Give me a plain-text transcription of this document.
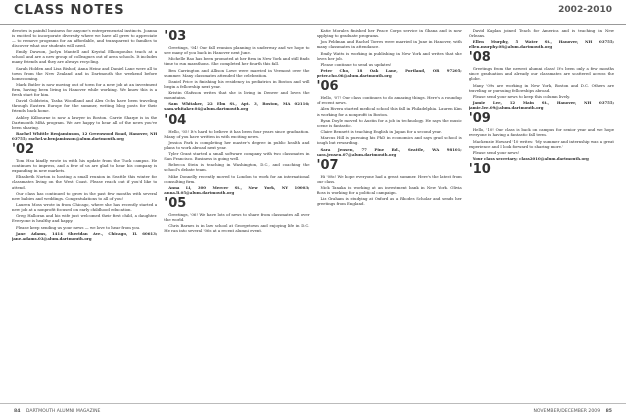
CLASS NOTES	2002-2010

devotes is painful business for anyone's entrepreneurial instincts. Joanna is excited to incorporate diversity where we have all grew to appreciate — to remove programs for an affordable, and transparent to families to discover what our students will need.

Emily Dawson, Jaclyn Mantell and Krystal Elkoupoulus teach at a school and are a new group of colleagues out of area schools. It includes many friends and they are always recycling.

Sarah Holden and Lisa Bishof, Anna Heinz and Daniel Lane were all to town from the New Zealand and in Dartmouth the weekend before homecoming.

Mark Butler is now moving out of town for a new job at an investment firm, having been living in Hanover while working. We know this is a fresh start for him.

David Goldstein, Tasha Woodland and Alex Ochs have been traveling through Eastern Europe for the summer, writing blog posts for their friends back home.

Ashley Kilbourne is now a lawyer in Boston. Carrie Sharpe is in the Dartmouth MBA program. We are happy to hear all of the news you've been sharing.

Rachel Whittle Benjaminson, 12 Greenwood Road, Hanover, NH 03755; rachel.w.benjaminson@alum.dartmouth.org

'02

Tom Hsu kindly wrote in with his update from the Tuck campus. He continues to impress, and a few of us are glad to hear his company is expanding in new markets.

Elizabeth Norton is hosting a small reunion in Seattle this winter for classmates living on the West Coast. Please reach out if you'd like to attend.

Our class has continued to grow in the past few months with several new babies and weddings. Congratulations to all of you!

Lauren Moss wrote in from Chicago, where she has recently started a new job at a nonprofit focused on early childhood education.

Greg Halloran and his wife just welcomed their first child, a daughter. Everyone is healthy and happy.

Please keep sending us your news — we love to hear from you.

Jane Adams, 1414 Sheridan Ave., Chicago, IL 60613; jane.adams.03@alum.dartmouth.org

'03

Greetings, '04! Our fall reunion planning is underway and we hope to see many of you back in Hanover next June.

Michelle Rao has been promoted at her firm in New York and still finds time to run marathons. She completed her fourth this fall.

Ben Carrington and Allison Lowe were married in Vermont over the summer. Many classmates attended the celebration.

Daniel Price is finishing his residency in pediatrics in Boston and will begin a fellowship next year.

Kristin Olafsson writes that she is living in Denver and loves the mountains.

Sam Whitaker, 22 Elm St., Apt. 3, Boston, MA 02116; sam.whitaker.04@alum.dartmouth.org

'04

Hello, '05! It's hard to believe it has been four years since graduation. Many of you have written in with exciting news.

Jessica Park is completing her master's degree in public health and plans to work abroad next year.

Tyler Grant started a small software company with two classmates in San Francisco. Business is going well.

Rebecca Stein is teaching in Washington, D.C., and coaching the school's debate team.

Mike Donnelly recently moved to London to work for an international consulting firm.

Anna Li, 300 Mercer St., New York, NY 10003; anna.li.05@alum.dartmouth.org

'05

Greetings, '06! We have lots of news to share from classmates all over the world.

Chris Barnes is in law school at Georgetown and enjoying life in D.C. He ran into several '06s at a recent alumni event.

Katie Morales finished her Peace Corps service in Ghana and is now applying to graduate programs.

Jon Feldman and Rachel Torres were married in June in Hanover, with many classmates in attendance.

Emily Watts is working in publishing in New York and writes that she loves her job.

Please continue to send us updates!

Peter Cho, 18 Oak Lane, Portland, OR 97205; peter.cho.06@alum.dartmouth.org

'06

Hello, '07! Our class continues to do amazing things. Here's a roundup of recent news.

Alex Rivera started medical school this fall in Philadelphia. Lauren Kim is working for a nonprofit in Boston.

Ryan Doyle moved to Austin for a job in technology. He says the music scene is fantastic.

Claire Bennett is teaching English in Japan for a second year.

Marcus Hill is pursuing his PhD in economics and says grad school is tough but rewarding.

Sara Jensen, 77 Pine Rd., Seattle, WA 98101; sara.jensen.07@alum.dartmouth.org

'07

Hi '08s! We hope everyone had a great summer. Here's the latest from our class.

Nick Tanaka is working at an investment bank in New York. Olivia Ross is working for a political campaign.

Liz Graham is studying at Oxford as a Rhodes Scholar and sends her greetings from England.

David Kaplan joined Teach for America and is teaching in New Orleans.

Ellen Murphy, 5 Water St., Hanover, NH 03755; ellen.murphy.08@alum.dartmouth.org

'08

Greetings from the newest alumni class! It's been only a few months since graduation and already our classmates are scattered across the globe.

Many '09s are working in New York, Boston and D.C. Others are traveling or pursuing fellowships abroad.

Please send your news to keep this column lively.

Jamie Lee, 12 Main St., Hanover, NH 03755; jamie.lee.09@alum.dartmouth.org

'09

Hello, '10! Our class is back on campus for senior year and we hope everyone is having a fantastic fall term.

Mackenzie Howard '10 writes: 'My summer and internship was a great experience and I look forward to sharing more.'

Please send your news!

Your class secretary; class2010@alum.dartmouth.org

'10
84 DARTMOUTH ALUMNI MAGAZINE	NOVEMBER/DECEMBER 2009 85
